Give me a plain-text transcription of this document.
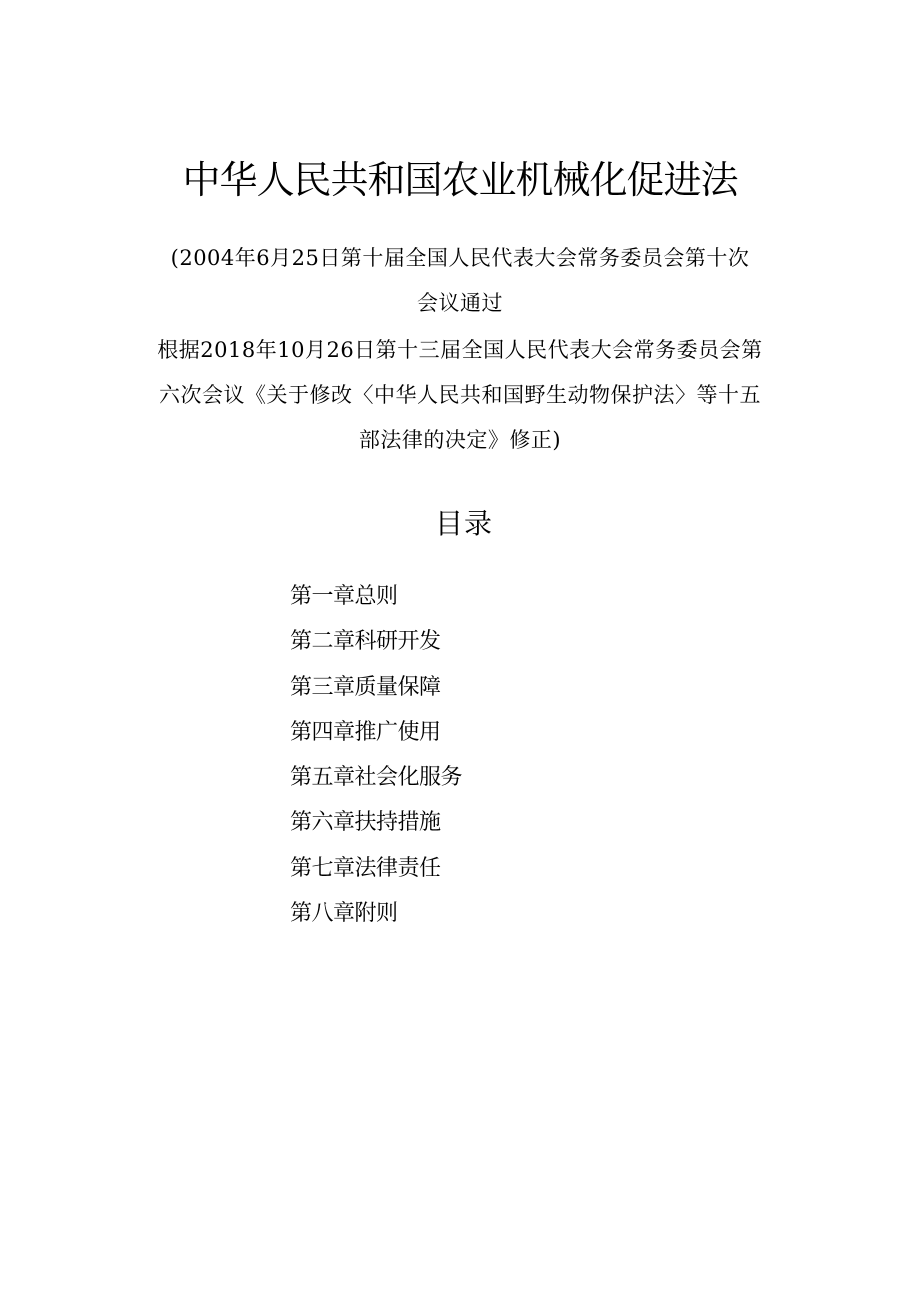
中华人民共和国农业机械化促进法
(2004年6月25日第十届全国人民代表大会常务委员会第十次
会议通过
根据2018年10月26日第十三届全国人民代表大会常务委员会第
六次会议《关于修改〈中华人民共和国野生动物保护法〉等十五
部法律的决定》修正)
目录
第一章总则
第二章科研开发
第三章质量保障
第四章推广使用
第五章社会化服务
第六章扶持措施
第七章法律责任
第八章附则
